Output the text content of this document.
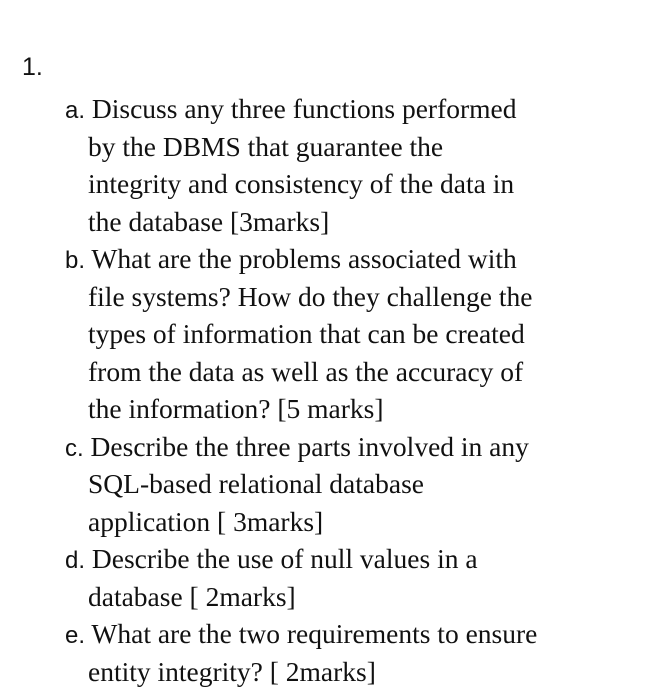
1.
a. Discuss any three functions performed
by the DBMS that guarantee the
integrity and consistency of the data in
the database [3marks]
b. What are the problems associated with
file systems? How do they challenge the
types of information that can be created
from the data as well as the accuracy of
the information? [5 marks]
c. Describe the three parts involved in any
SQL-based relational database
application [ 3marks]
d. Describe the use of null values in a
database [ 2marks]
e. What are the two requirements to ensure
entity integrity? [ 2marks]
